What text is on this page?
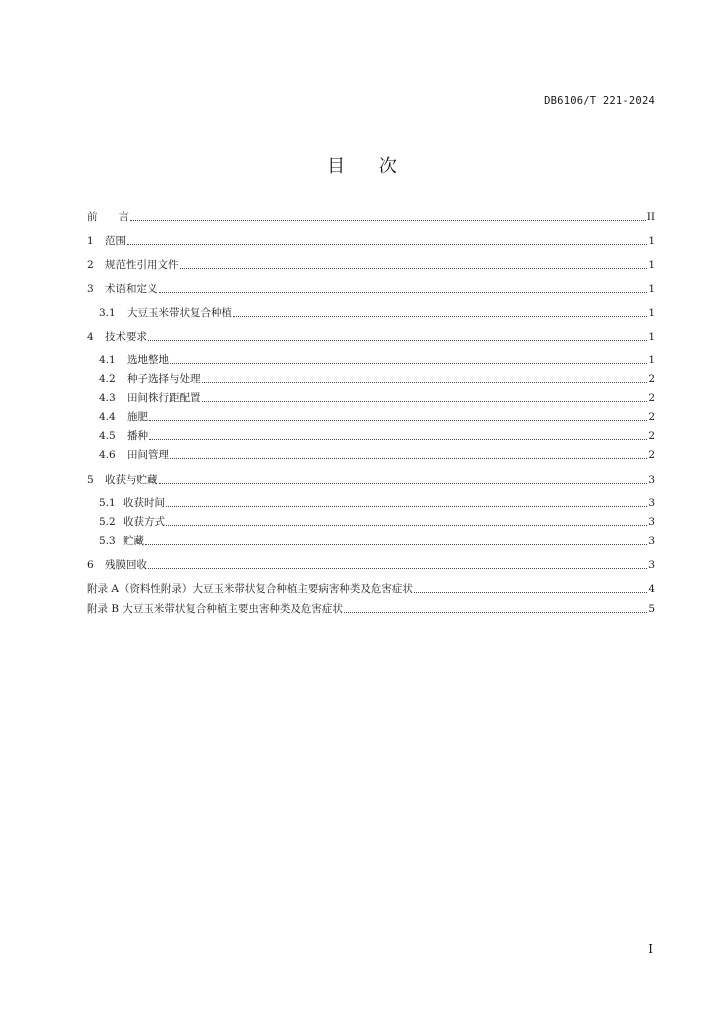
DB6106/T 221-2024
目 次
前　　言	II
1	范围	1
2	规范性引用文件	1
3	术语和定义	1
3.1	大豆玉米带状复合种植	1
4	技术要求	1
4.1	选地整地	1
4.2	种子选择与处理	2
4.3	田间株行距配置	2
4.4	施肥	2
4.5	播种	2
4.6	田间管理	2
5	收获与贮藏	3
5.1 收获时间	3
5.2 收获方式	3
5.3 贮藏	3
6	残膜回收	3
附录 A（资料性附录）大豆玉米带状复合种植主要病害种类及危害症状	4
附录 B 大豆玉米带状复合种植主要虫害种类及危害症状	5
I
